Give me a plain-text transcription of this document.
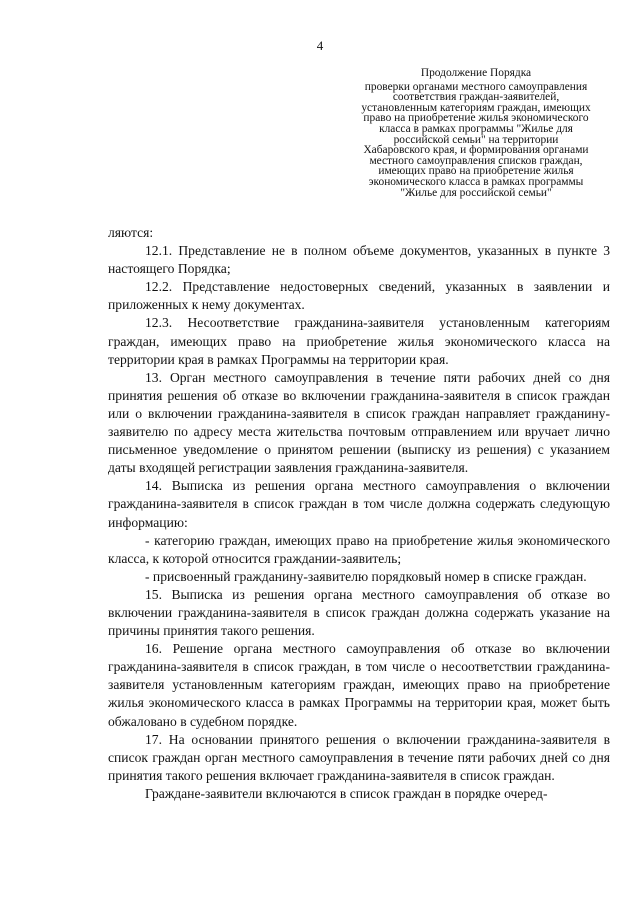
4
Продолжение Порядка
проверки органами местного самоуправления
соответствия граждан-заявителей,
установленным категориям граждан, имеющих
право на приобретение жилья экономического
класса в рамках программы "Жилье для
российской семьи" на территории
Хабаровского края, и формирования органами
местного самоуправления списков граждан,
имеющих право на приобретение жилья
экономического класса в рамках программы
"Жилье для российской семьи"

ляются:

12.1. Представление не в полном объеме документов, указанных в пункте 3 настоящего Порядка;

12.2. Представление недостоверных сведений, указанных в заявлении и приложенных к нему документах.

12.3. Несоответствие гражданина-заявителя установленным категориям граждан, имеющих право на приобретение жилья экономического класса на территории края в рамках Программы на территории края.

13. Орган местного самоуправления в течение пяти рабочих дней со дня принятия решения об отказе во включении гражданина-заявителя в список граждан или о включении гражданина-заявителя в список граждан направляет гражданину-заявителю по адресу места жительства почтовым отправлением или вручает лично письменное уведомление о принятом решении (выписку из решения) с указанием даты входящей регистрации заявления гражданина-заявителя.

14. Выписка из решения органа местного самоуправления о включении гражданина-заявителя в список граждан в том числе должна содержать следующую информацию:

- категорию граждан, имеющих право на приобретение жилья экономического класса, к которой относится граждании-заявитель;

- присвоенный гражданину-заявителю порядковый номер в списке граждан.

15. Выписка из решения органа местного самоуправления об отказе во включении гражданина-заявителя в список граждан должна содержать указание на причины принятия такого решения.

16. Решение органа местного самоуправления об отказе во включении гражданина-заявителя в список граждан, в том числе о несоответствии гражданина-заявителя установленным категориям граждан, имеющих право на приобретение жилья экономического класса в рамках Программы на территории края, может быть обжаловано в судебном порядке.

17. На основании принятого решения о включении гражданина-заявителя в список граждан орган местного самоуправления в течение пяти рабочих дней со дня принятия такого решения включает гражданина-заявителя в список граждан.

Граждане-заявители включаются в список граждан в порядке очеред-
